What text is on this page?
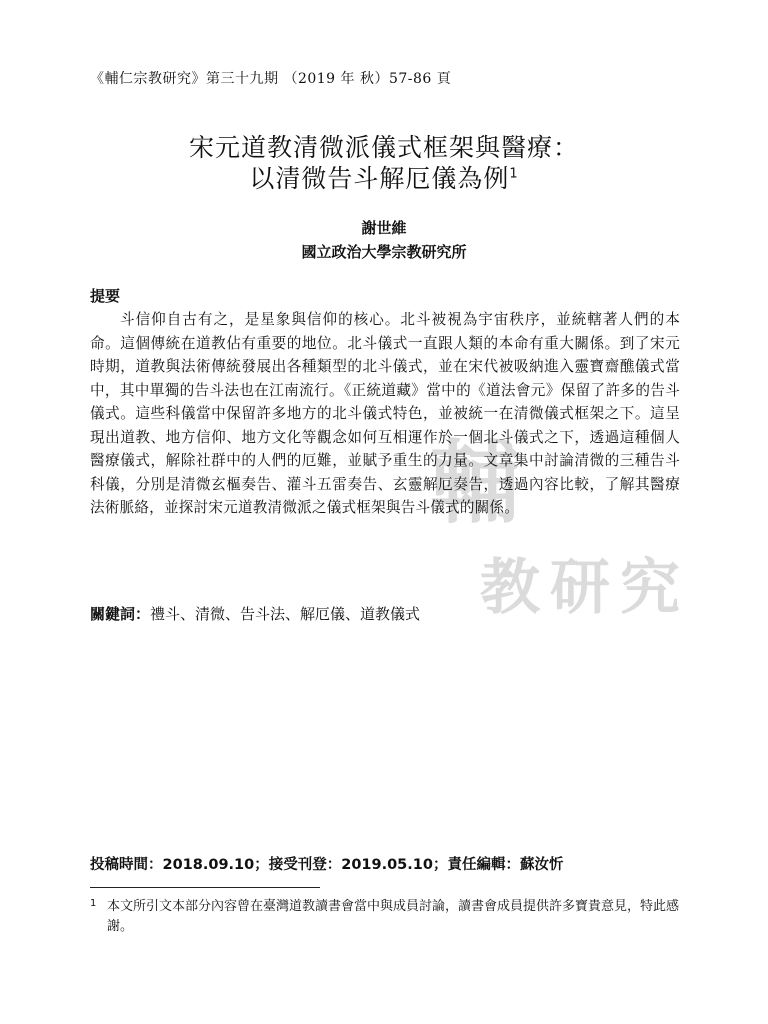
《輔仁宗教研究》第三十九期 （2019 年 秋）57-86 頁
宋元道教清微派儀式框架與醫療：
以清微告斗解厄儀為例$^1$
謝世維
國立政治大學宗教研究所
提要
輔
教 研 究
斗信仰自古有之，是星象與信仰的核心。北斗被視為宇宙秩序，並統轄著人們的本命。這個傳統在道教佔有重要的地位。北斗儀式一直跟人類的本命有重大關係。到了宋元時期，道教與法術傳統發展出各種類型的北斗儀式，並在宋代被吸納進入靈寶齋醮儀式當中，其中單獨的告斗法也在江南流行。《正統道藏》當中的《道法會元》保留了許多的告斗儀式。這些科儀當中保留許多地方的北斗儀式特色，並被統一在清微儀式框架之下。這呈現出道教、地方信仰、地方文化等觀念如何互相運作於一個北斗儀式之下，透過這種個人醫療儀式，解除社群中的人們的厄難，並賦予重生的力量。文章集中討論清微的三種告斗科儀，分別是清微玄樞奏告、灌斗五雷奏告、玄靈解厄奏告，透過內容比較，了解其醫療法術脈絡，並探討宋元道教清微派之儀式框架與告斗儀式的關係。
關鍵詞：禮斗、清微、告斗法、解厄儀、道教儀式
投稿時間：2018.09.10；接受刊登：2019.05.10；責任編輯：蘇汝忻
1 本文所引文本部分內容曾在臺灣道教讀書會當中與成員討論，讀書會成員提供許多寶貴意見，特此感謝。
